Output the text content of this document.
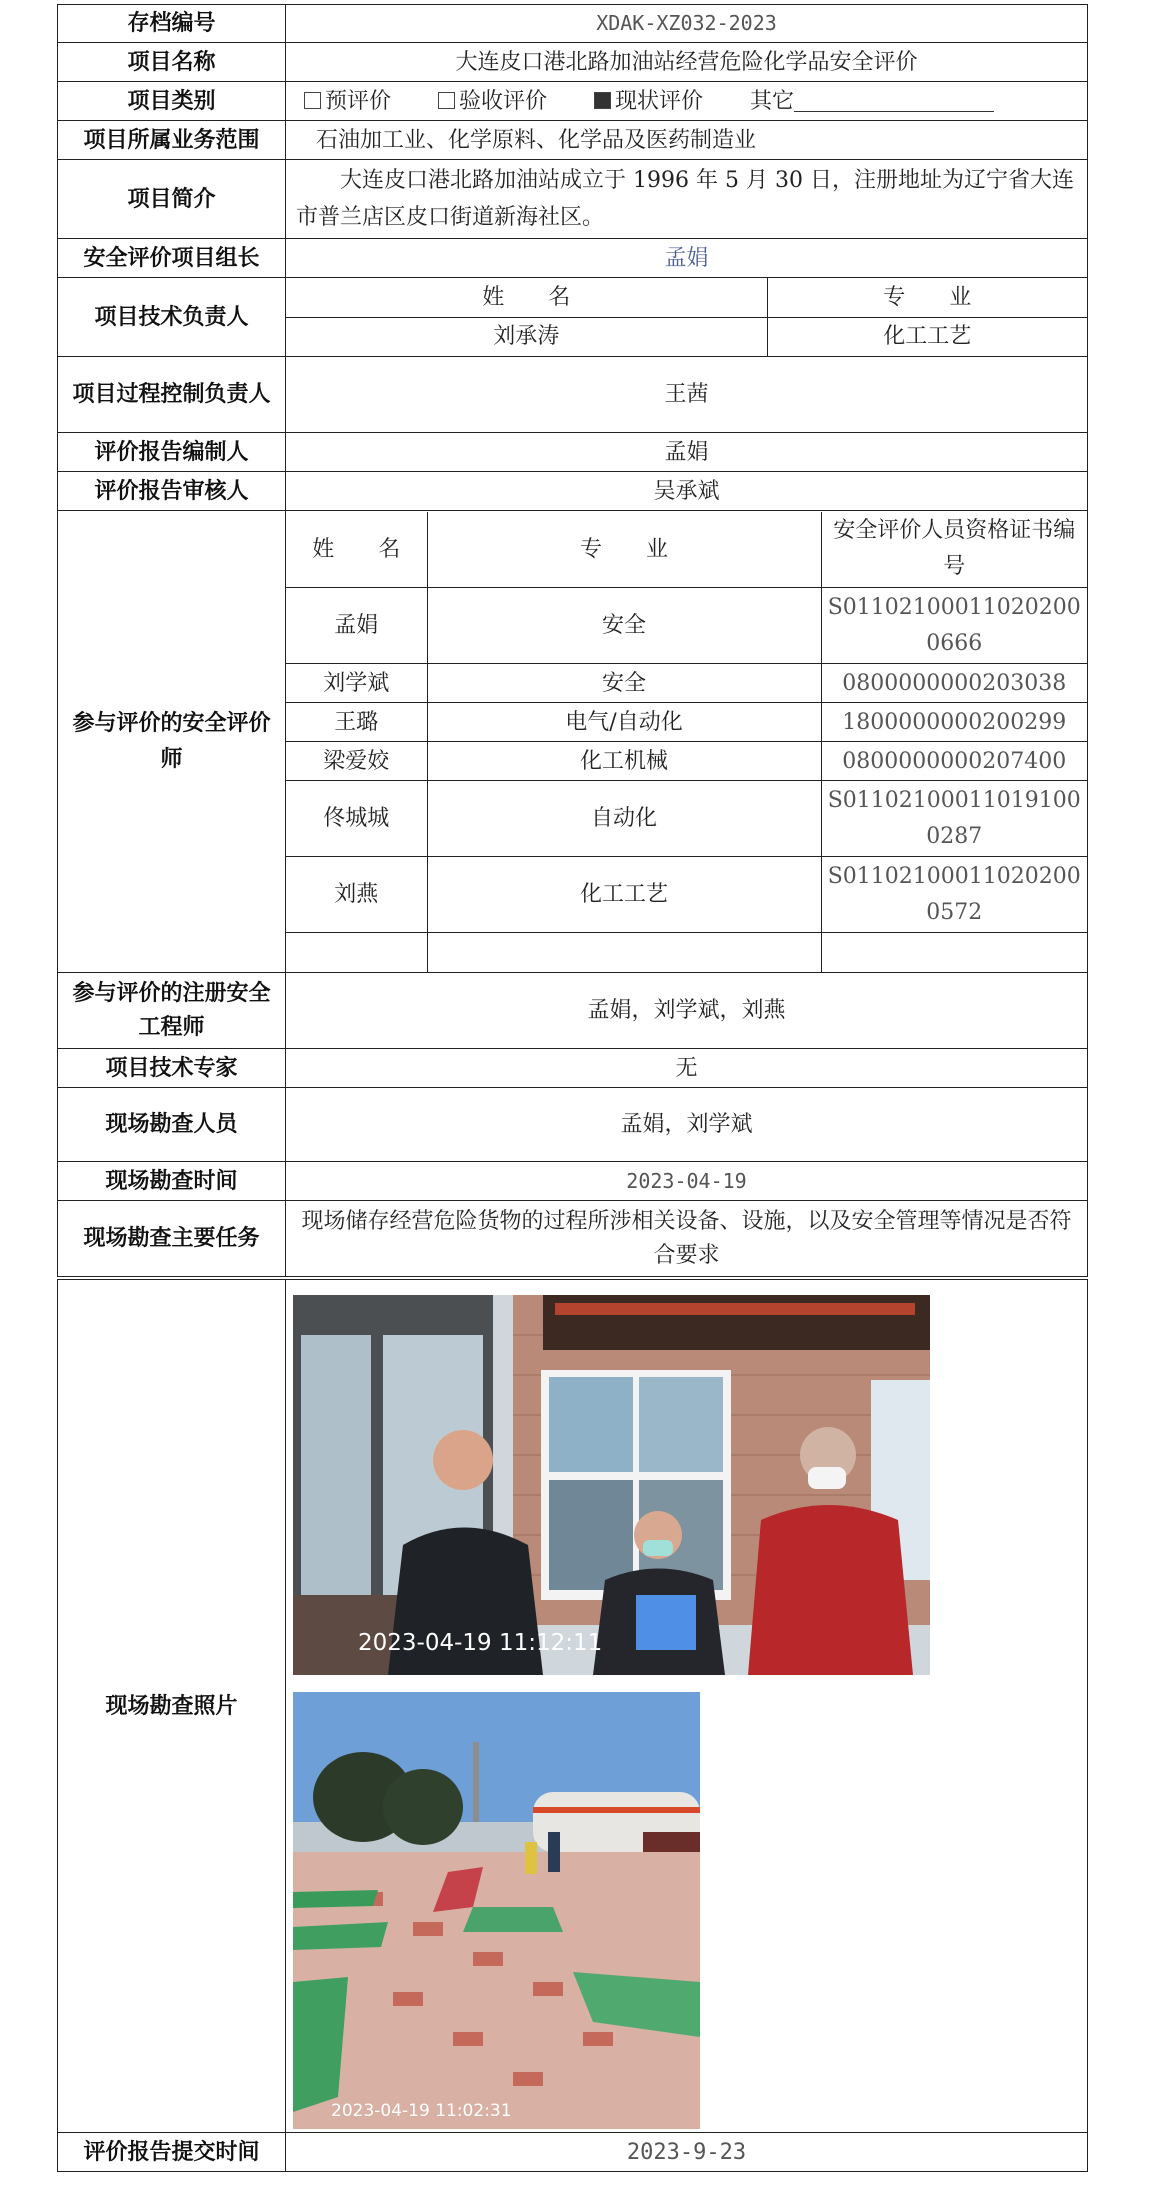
存档编号	XDAK-XZ032-2023
项目名称	大连皮口港北路加油站经营危险化学品安全评价
项目类别	预评价	验收评价	现状评价 其它
项目所属业务范围	石油加工业、化学原料、化学品及医药制造业
项目简介	大连皮口港北路加油站成立于 1996 年 5 月 30 日，注册地址为辽宁省大连市普兰店区皮口街道新海社区。
安全评价项目组长	孟娟
项目技术负责人	
姓　　名	专　　业
刘承涛	化工工艺

项目过程控制负责人	王茜
评价报告编制人	孟娟
评价报告审核人	吴承斌
参与评价的安全评价师	
姓　　名	专　　业	安全评价人员资格证书编号
孟娟	安全	S011021000110202000666
刘学斌	安全	0800000000203038
王璐	电气/自动化	1800000000200299
梁爱姣	化工机械	0800000000207400
佟城城	自动化	S011021000110191000287
刘燕	化工工艺	S011021000110202000572

参与评价的注册安全工程师	孟娟，刘学斌，刘燕
项目技术专家	无
现场勘查人员	孟娟，刘学斌
现场勘查时间	2023-04-19
现场勘查主要任务	现场储存经营危险货物的过程所涉相关设备、设施，以及安全管理等情况是否符合要求
现场勘查照片	2023-04-19 11:12:11
2023-04-19 11:02:31

评价报告提交时间	2023-9-23
